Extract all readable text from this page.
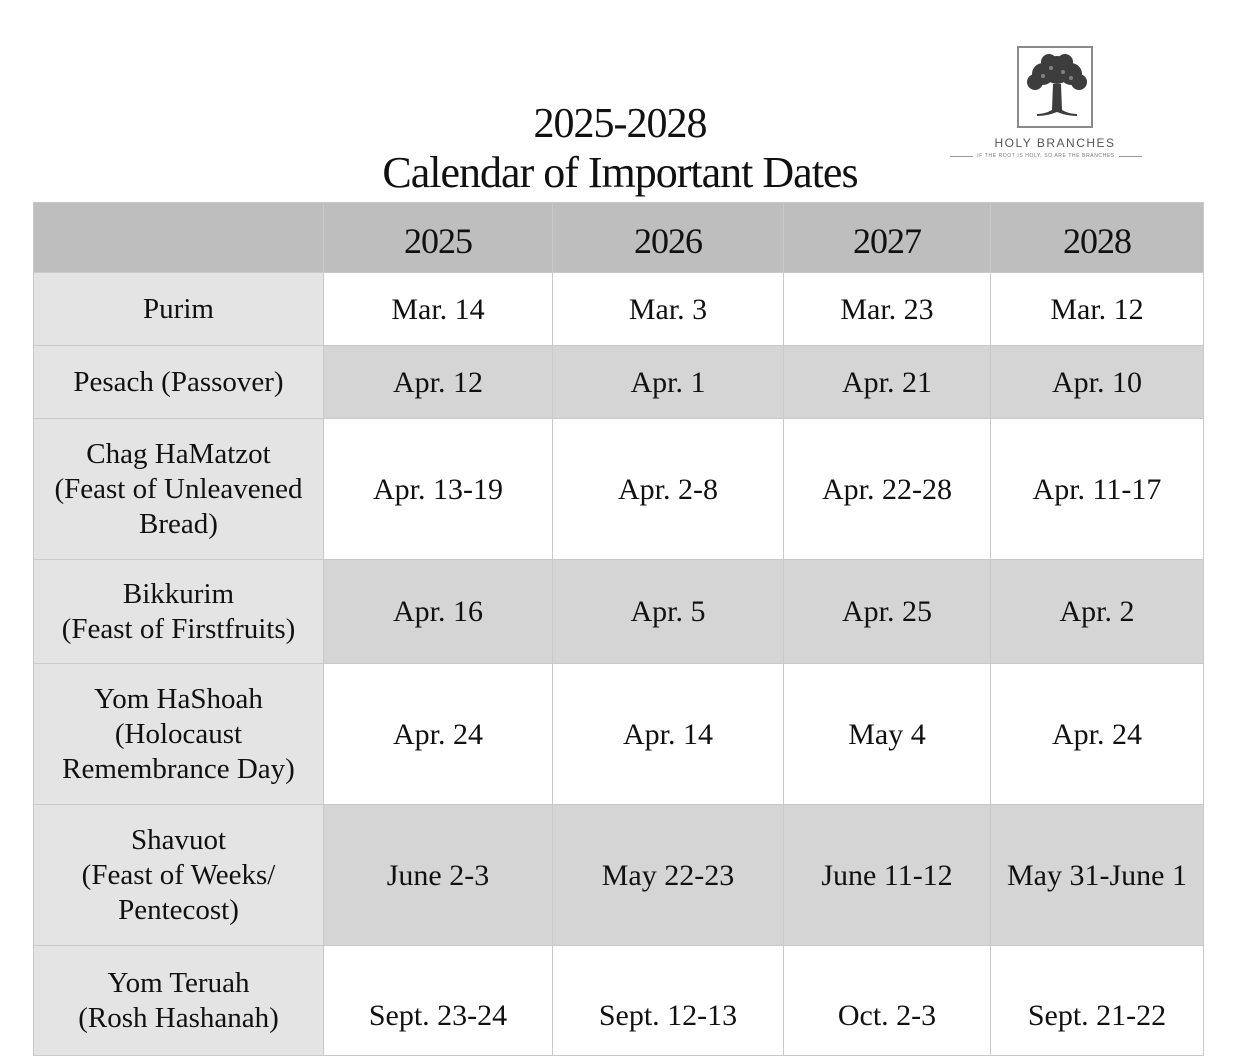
2025-2028
Calendar of Important Dates
HOLY BRANCHES
IF THE ROOT IS HOLY, SO ARE THE BRANCHES
	2025	2026	2027	2028

Purim	Mar. 14	Mar. 3	Mar. 23	Mar. 12

Pesach (Passover)	Apr. 12	Apr. 1	Apr. 21	Apr. 10

Chag HaMatzot
(Feast of Unleavened
Bread)	Apr. 13-19	Apr. 2-8	Apr. 22-28	Apr. 11-17

Bikkurim
(Feast of Firstfruits)	Apr. 16	Apr. 5	Apr. 25	Apr. 2

Yom HaShoah
(Holocaust
Remembrance Day)	Apr. 24	Apr. 14	May 4	Apr. 24

Shavuot
(Feast of Weeks/
Pentecost)	June 2-3	May 22-23	June 11-12	May 31-June 1

Yom Teruah
(Rosh Hashanah)	Sept. 23-24	Sept. 12-13	Oct. 2-3	Sept. 21-22
